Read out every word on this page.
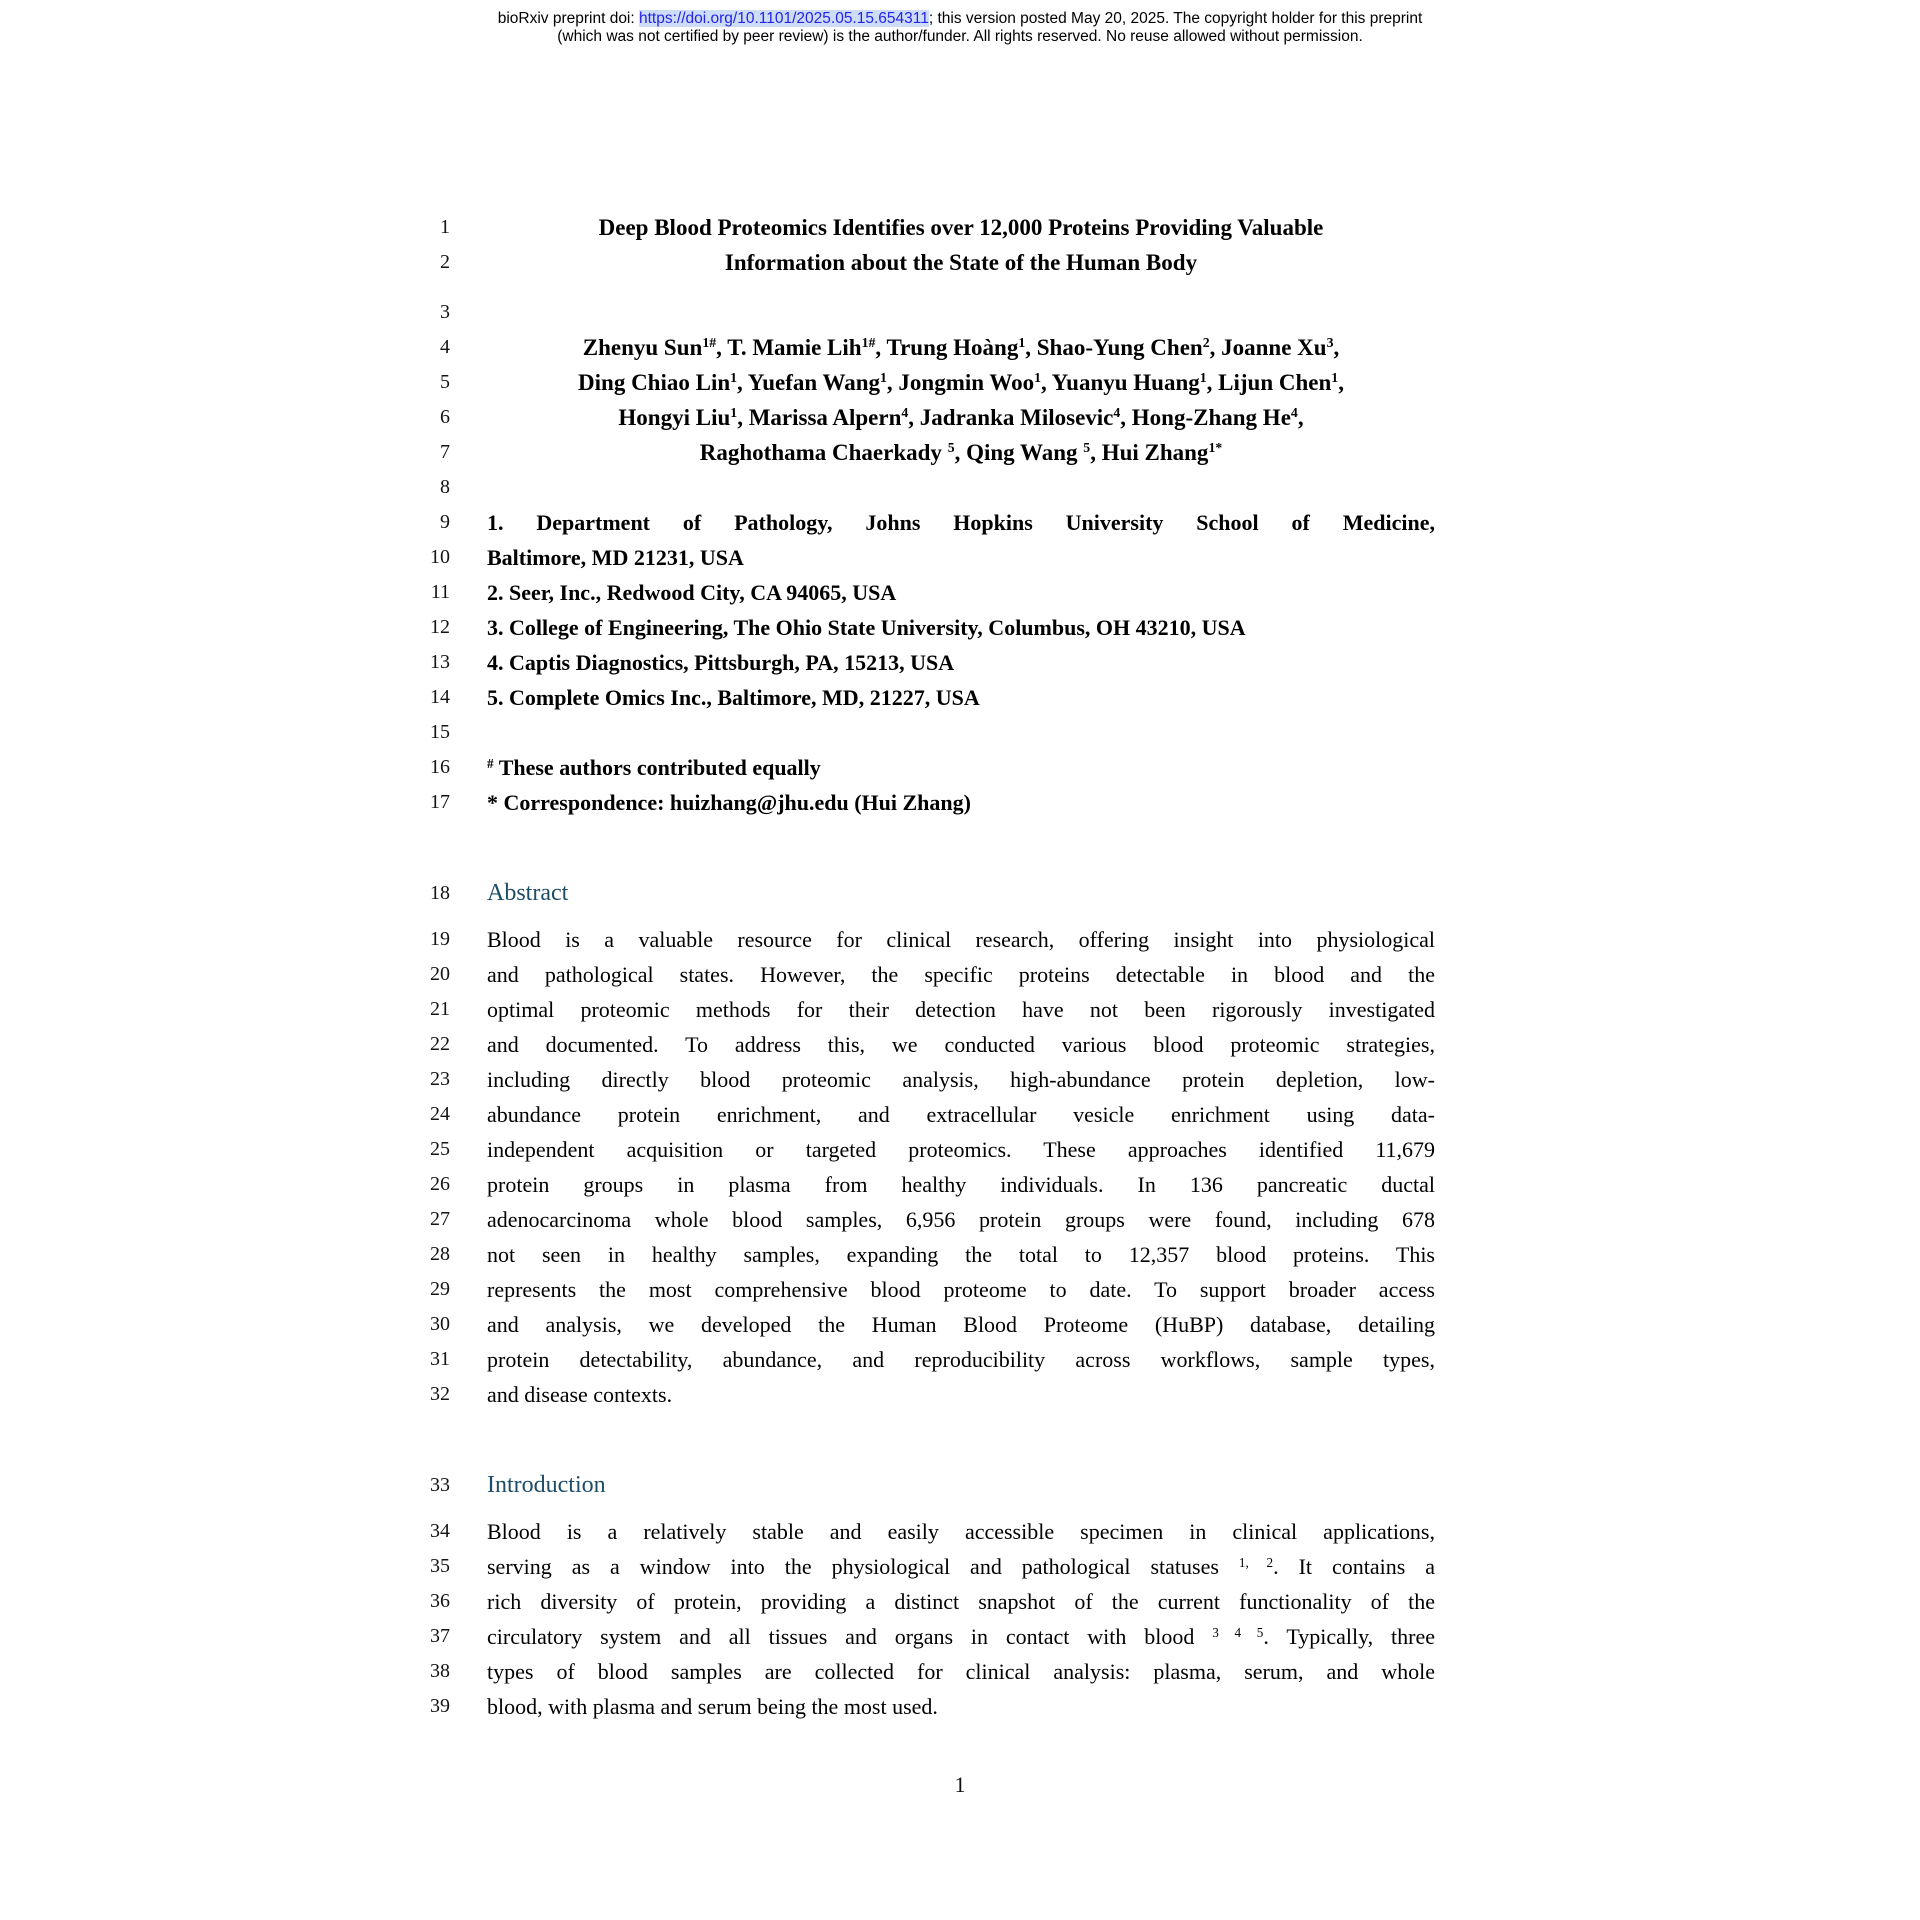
bioRxiv preprint doi: https://doi.org/10.1101/2025.05.15.654311; this version posted May 20, 2025. The copyright holder for this preprint
(which was not certified by peer review) is the author/funder. All rights reserved. No reuse allowed without permission.
1	Deep Blood Proteomics Identifies over 12,000 Proteins Providing Valuable
2	Information about the State of the Human Body
3
4	Zhenyu Sun$^{1\#}$, T. Mamie Lih$^{1\#}$, Trung Hoàng$^1$, Shao-Yung Chen$^2$, Joanne Xu$^3$,
5	Ding Chiao Lin$^1$, Yuefan Wang$^1$, Jongmin Woo$^1$, Yuanyu Huang$^1$, Lijun Chen$^1$,
6	Hongyi Liu$^1$, Marissa Alpern$^4$, Jadranka Milosevic$^4$, Hong-Zhang He$^4$,
7	Raghothama Chaerkady $^5$, Qing Wang $^5$, Hui Zhang$^{1*}$
8
9 1. Department of Pathology, Johns Hopkins University School of Medicine,
10 Baltimore, MD 21231, USA
11 2. Seer, Inc., Redwood City, CA 94065, USA
12 3. College of Engineering, The Ohio State University, Columbus, OH 43210, USA
13 4. Captis Diagnostics, Pittsburgh, PA, 15213, USA
14 5. Complete Omics Inc., Baltimore, MD, 21227, USA
15
16	# These authors contributed equally
17 * Correspondence: huizhang@jhu.edu (Hui Zhang)
18 Abstract
19 Blood is a valuable resource for clinical research, offering insight into physiological
20 and pathological states. However, the specific proteins detectable in blood and the
21 optimal proteomic methods for their detection have not been rigorously investigated
22 and documented. To address this, we conducted various blood proteomic strategies,
23 including directly blood proteomic analysis, high-abundance protein depletion, low-
24 abundance protein enrichment, and extracellular vesicle enrichment using data-
25 independent acquisition or targeted proteomics. These approaches identified 11,679
26 protein groups in plasma from healthy individuals. In 136 pancreatic ductal
27 adenocarcinoma whole blood samples, 6,956 protein groups were found, including 678
28 not seen in healthy samples, expanding the total to 12,357 blood proteins. This
29 represents the most comprehensive blood proteome to date. To support broader access
30 and analysis, we developed the Human Blood Proteome (HuBP) database, detailing
31 protein detectability, abundance, and reproducibility across workflows, sample types,
32 and disease contexts.
33 Introduction
34 Blood is a relatively stable and easily accessible specimen in clinical applications,
35 serving as a window into the physiological and pathological statuses $^{1, 2}$. It contains a
36 rich diversity of protein, providing a distinct snapshot of the current functionality of the
37 circulatory system and all tissues and organs in contact with blood $^{3 4 5}$. Typically, three
38 types of blood samples are collected for clinical analysis: plasma, serum, and whole
39 blood, with plasma and serum being the most used.
1
